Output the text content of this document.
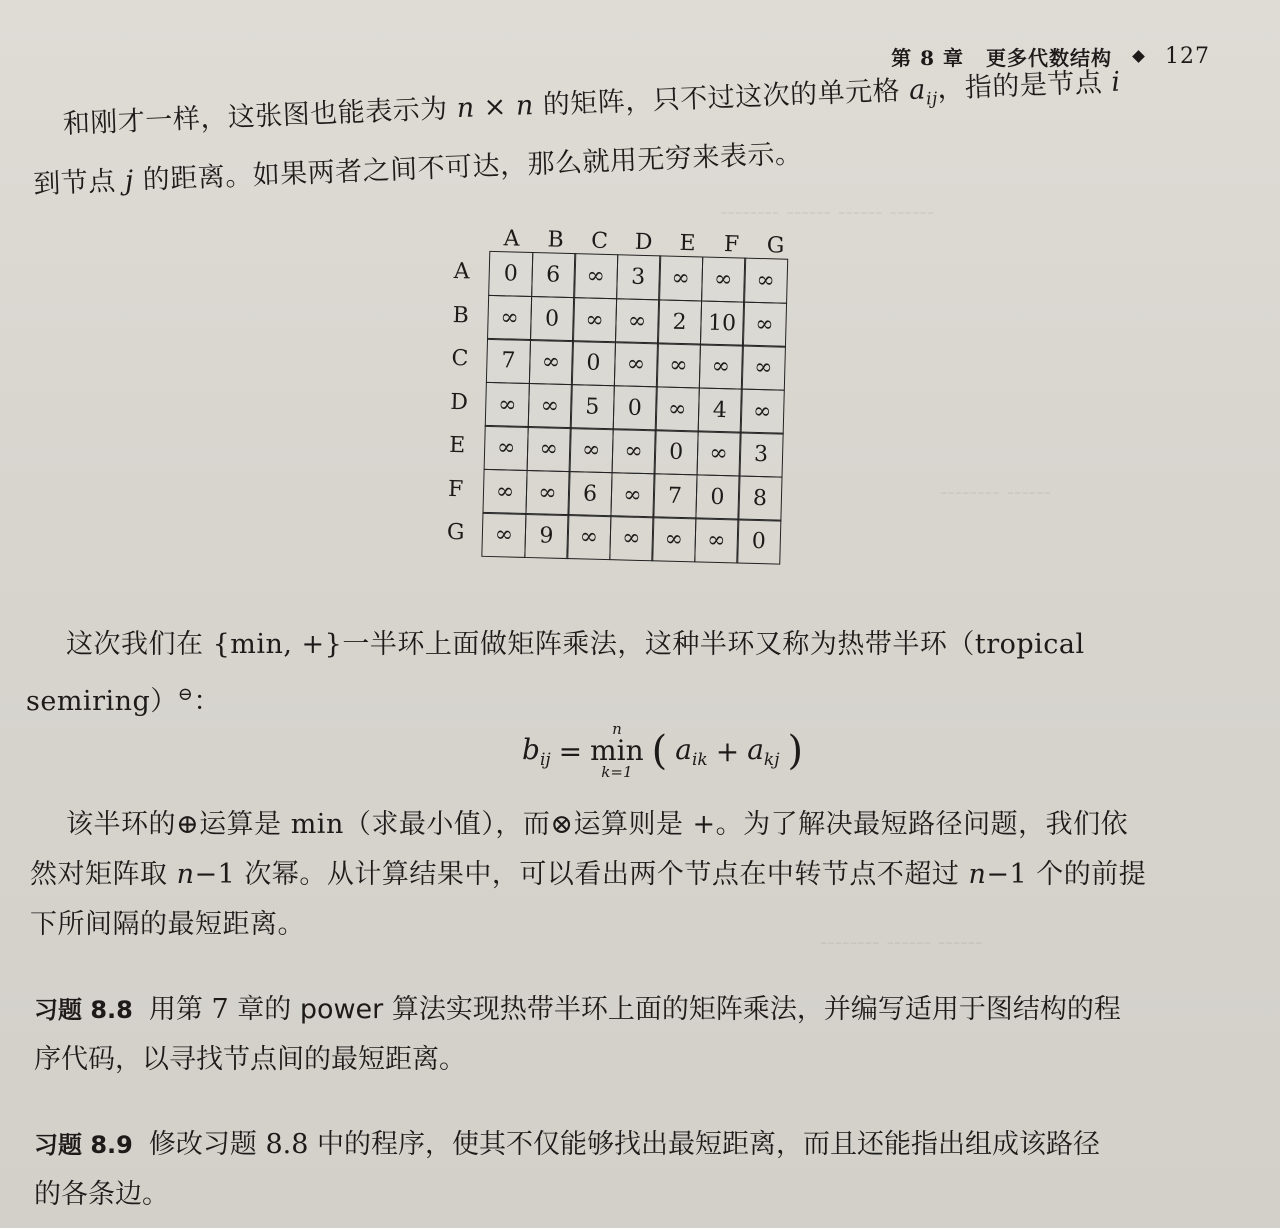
-------- ------ ------ ------
-------- ------
-------- ------ ------
第 8 章 更多代数结构 127
和刚才一样，这张图也能表示为 n × n 的矩阵，只不过这次的单元格 $a_{ij}$，指的是节点 i
到节点 j 的距离。如果两者之间不可达，那么就用无穷来表示。
A	B	C	D	E	F	G
A	0	6	∞	3	∞	∞	∞
B	∞	0	∞	∞	2 10 ∞
C	7	∞	0	∞	∞	∞	∞
D	∞	∞	5	0	∞	4	∞
E	∞	∞	∞	∞	0	∞	3
F	∞	∞	6	∞	7	0	8
G	∞	9	∞	∞	∞	∞	0
这次我们在 {min, +}一半环上面做矩阵乘法，这种半环又称为热带半环（tropical
semiring）⊖：
$b_{ij}$ =
n
min
k=1 ( $a_{ik} + a_{kj}$ )
该半环的⊕运算是 min（求最小值），而⊗运算则是 +。为了解决最短路径问题，我们依
然对矩阵取 n−1 次幂。从计算结果中，可以看出两个节点在中转节点不超过 n−1 个的前提
下所间隔的最短距离。
习题 8.8 用第 7 章的 power 算法实现热带半环上面的矩阵乘法，并编写适用于图结构的程
序代码，以寻找节点间的最短距离。
习题 8.9 修改习题 8.8 中的程序，使其不仅能够找出最短距离，而且还能指出组成该路径
的各条边。
